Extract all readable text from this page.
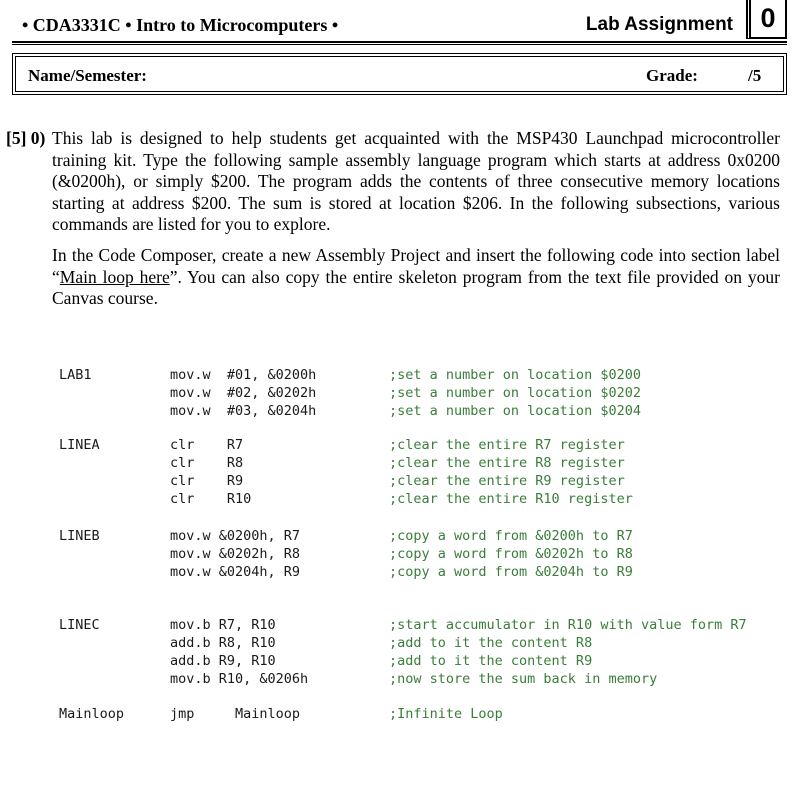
• CDA3331C • Intro to Microcomputers •	Lab Assignment	0
Name/Semester:	Grade:	/5
[5] 0) This lab is designed to help students get acquainted with the MSP430 Launchpad microcontroller training kit. Type the following sample assembly language program which starts at address 0x0200 (&0200h), or simply $200. The program adds the contents of three consecutive memory locations starting at address $200. The sum is stored at location $206. In the following subsections, various commands are listed for you to explore.
In the Code Composer, create a new Assembly Project and insert the following code into section label “Main loop here”. You can also copy the entire skeleton program from the text file provided on your Canvas course.
LAB1	mov.w  #01, &0200h	;set a number on location $0200
mov.w  #02, &0202h	;set a number on location $0202
mov.w  #03, &0204h	;set a number on location $0204
LINEA	clr    R7	;clear the entire R7 register
clr    R8	;clear the entire R8 register
clr    R9	;clear the entire R9 register
clr    R10	;clear the entire R10 register
LINEB	mov.w &0200h, R7	;copy a word from &0200h to R7
mov.w &0202h, R8	;copy a word from &0202h to R8
mov.w &0204h, R9	;copy a word from &0204h to R9
LINEC	mov.b R7, R10	;start accumulator in R10 with value form R7
add.b R8, R10	;add to it the content R8
add.b R9, R10	;add to it the content R9
mov.b R10, &0206h	;now store the sum back in memory
Mainloop	jmp     Mainloop	;Infinite Loop
